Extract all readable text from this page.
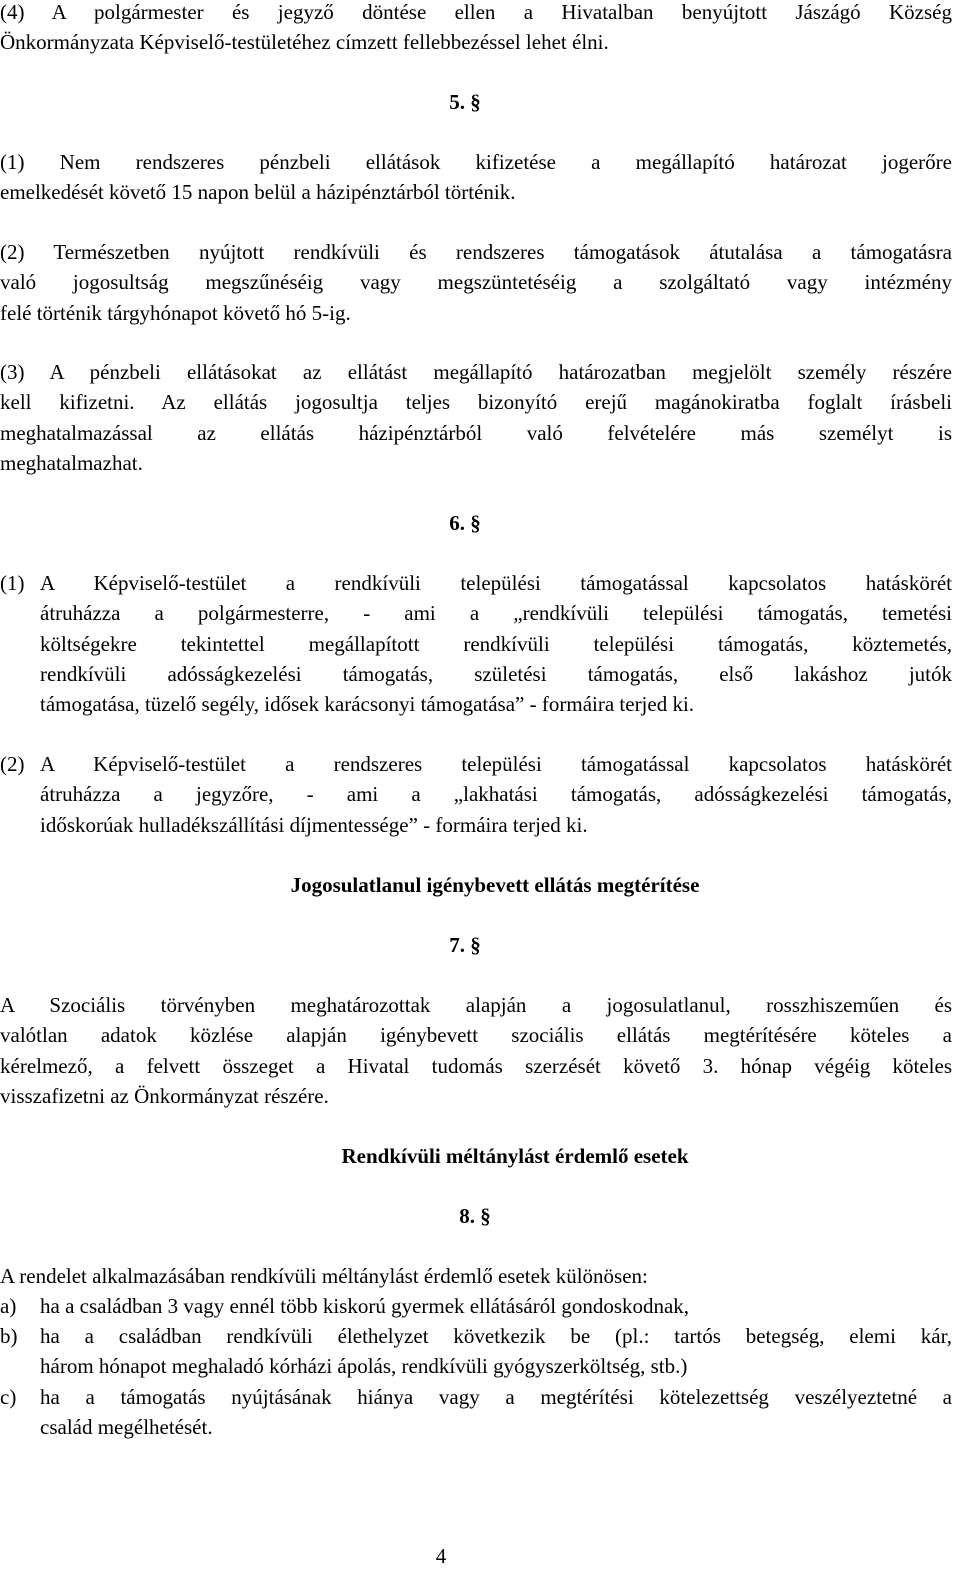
(4) A polgármester és jegyző döntése ellen a Hivatalban benyújtott Jászágó Község
Önkormányzata Képviselő-testületéhez címzett fellebbezéssel lehet élni.
5. §
(1) Nem rendszeres pénzbeli ellátások kifizetése a megállapító határozat jogerőre
emelkedését követő 15 napon belül a házipénztárból történik.
(2) Természetben nyújtott rendkívüli és rendszeres támogatások átutalása a támogatásra
való jogosultság megszűnéséig vagy megszüntetéséig a szolgáltató vagy intézmény
felé történik tárgyhónapot követő hó 5-ig.
(3) A pénzbeli ellátásokat az ellátást megállapító határozatban megjelölt személy részére
kell kifizetni. Az ellátás jogosultja teljes bizonyító erejű magánokiratba foglalt írásbeli
meghatalmazással az ellátás házipénztárból való felvételére más személyt is
meghatalmazhat.
6. §
(1) A Képviselő-testület a rendkívüli települési támogatással kapcsolatos hatáskörét
átruházza a polgármesterre, - ami a „rendkívüli települési támogatás, temetési
költségekre tekintettel megállapított rendkívüli települési támogatás, köztemetés,
rendkívüli adósságkezelési támogatás, születési támogatás, első lakáshoz jutók
támogatása, tüzelő segély, idősek karácsonyi támogatása” - formáira terjed ki.
(2) A Képviselő-testület a rendszeres települési támogatással kapcsolatos hatáskörét
átruházza a jegyzőre, - ami a „lakhatási támogatás, adósságkezelési támogatás,
időskorúak hulladékszállítási díjmentessége” - formáira terjed ki.
Jogosulatlanul igénybevett ellátás megtérítése
7. §
A Szociális törvényben meghatározottak alapján a jogosulatlanul, rosszhiszeműen és
valótlan adatok közlése alapján igénybevett szociális ellátás megtérítésére köteles a
kérelmező, a felvett összeget a Hivatal tudomás szerzését követő 3. hónap végéig köteles
visszafizetni az Önkormányzat részére.
Rendkívüli méltánylást érdemlő esetek
8. §
A rendelet alkalmazásában rendkívüli méltánylást érdemlő esetek különösen:
a) ha a családban 3 vagy ennél több kiskorú gyermek ellátásáról gondoskodnak,
b) ha a családban rendkívüli élethelyzet következik be (pl.: tartós betegség, elemi kár,
három hónapot meghaladó kórházi ápolás, rendkívüli gyógyszerköltség, stb.)
c) ha a támogatás nyújtásának hiánya vagy a megtérítési kötelezettség veszélyeztetné a
család megélhetését.
4
